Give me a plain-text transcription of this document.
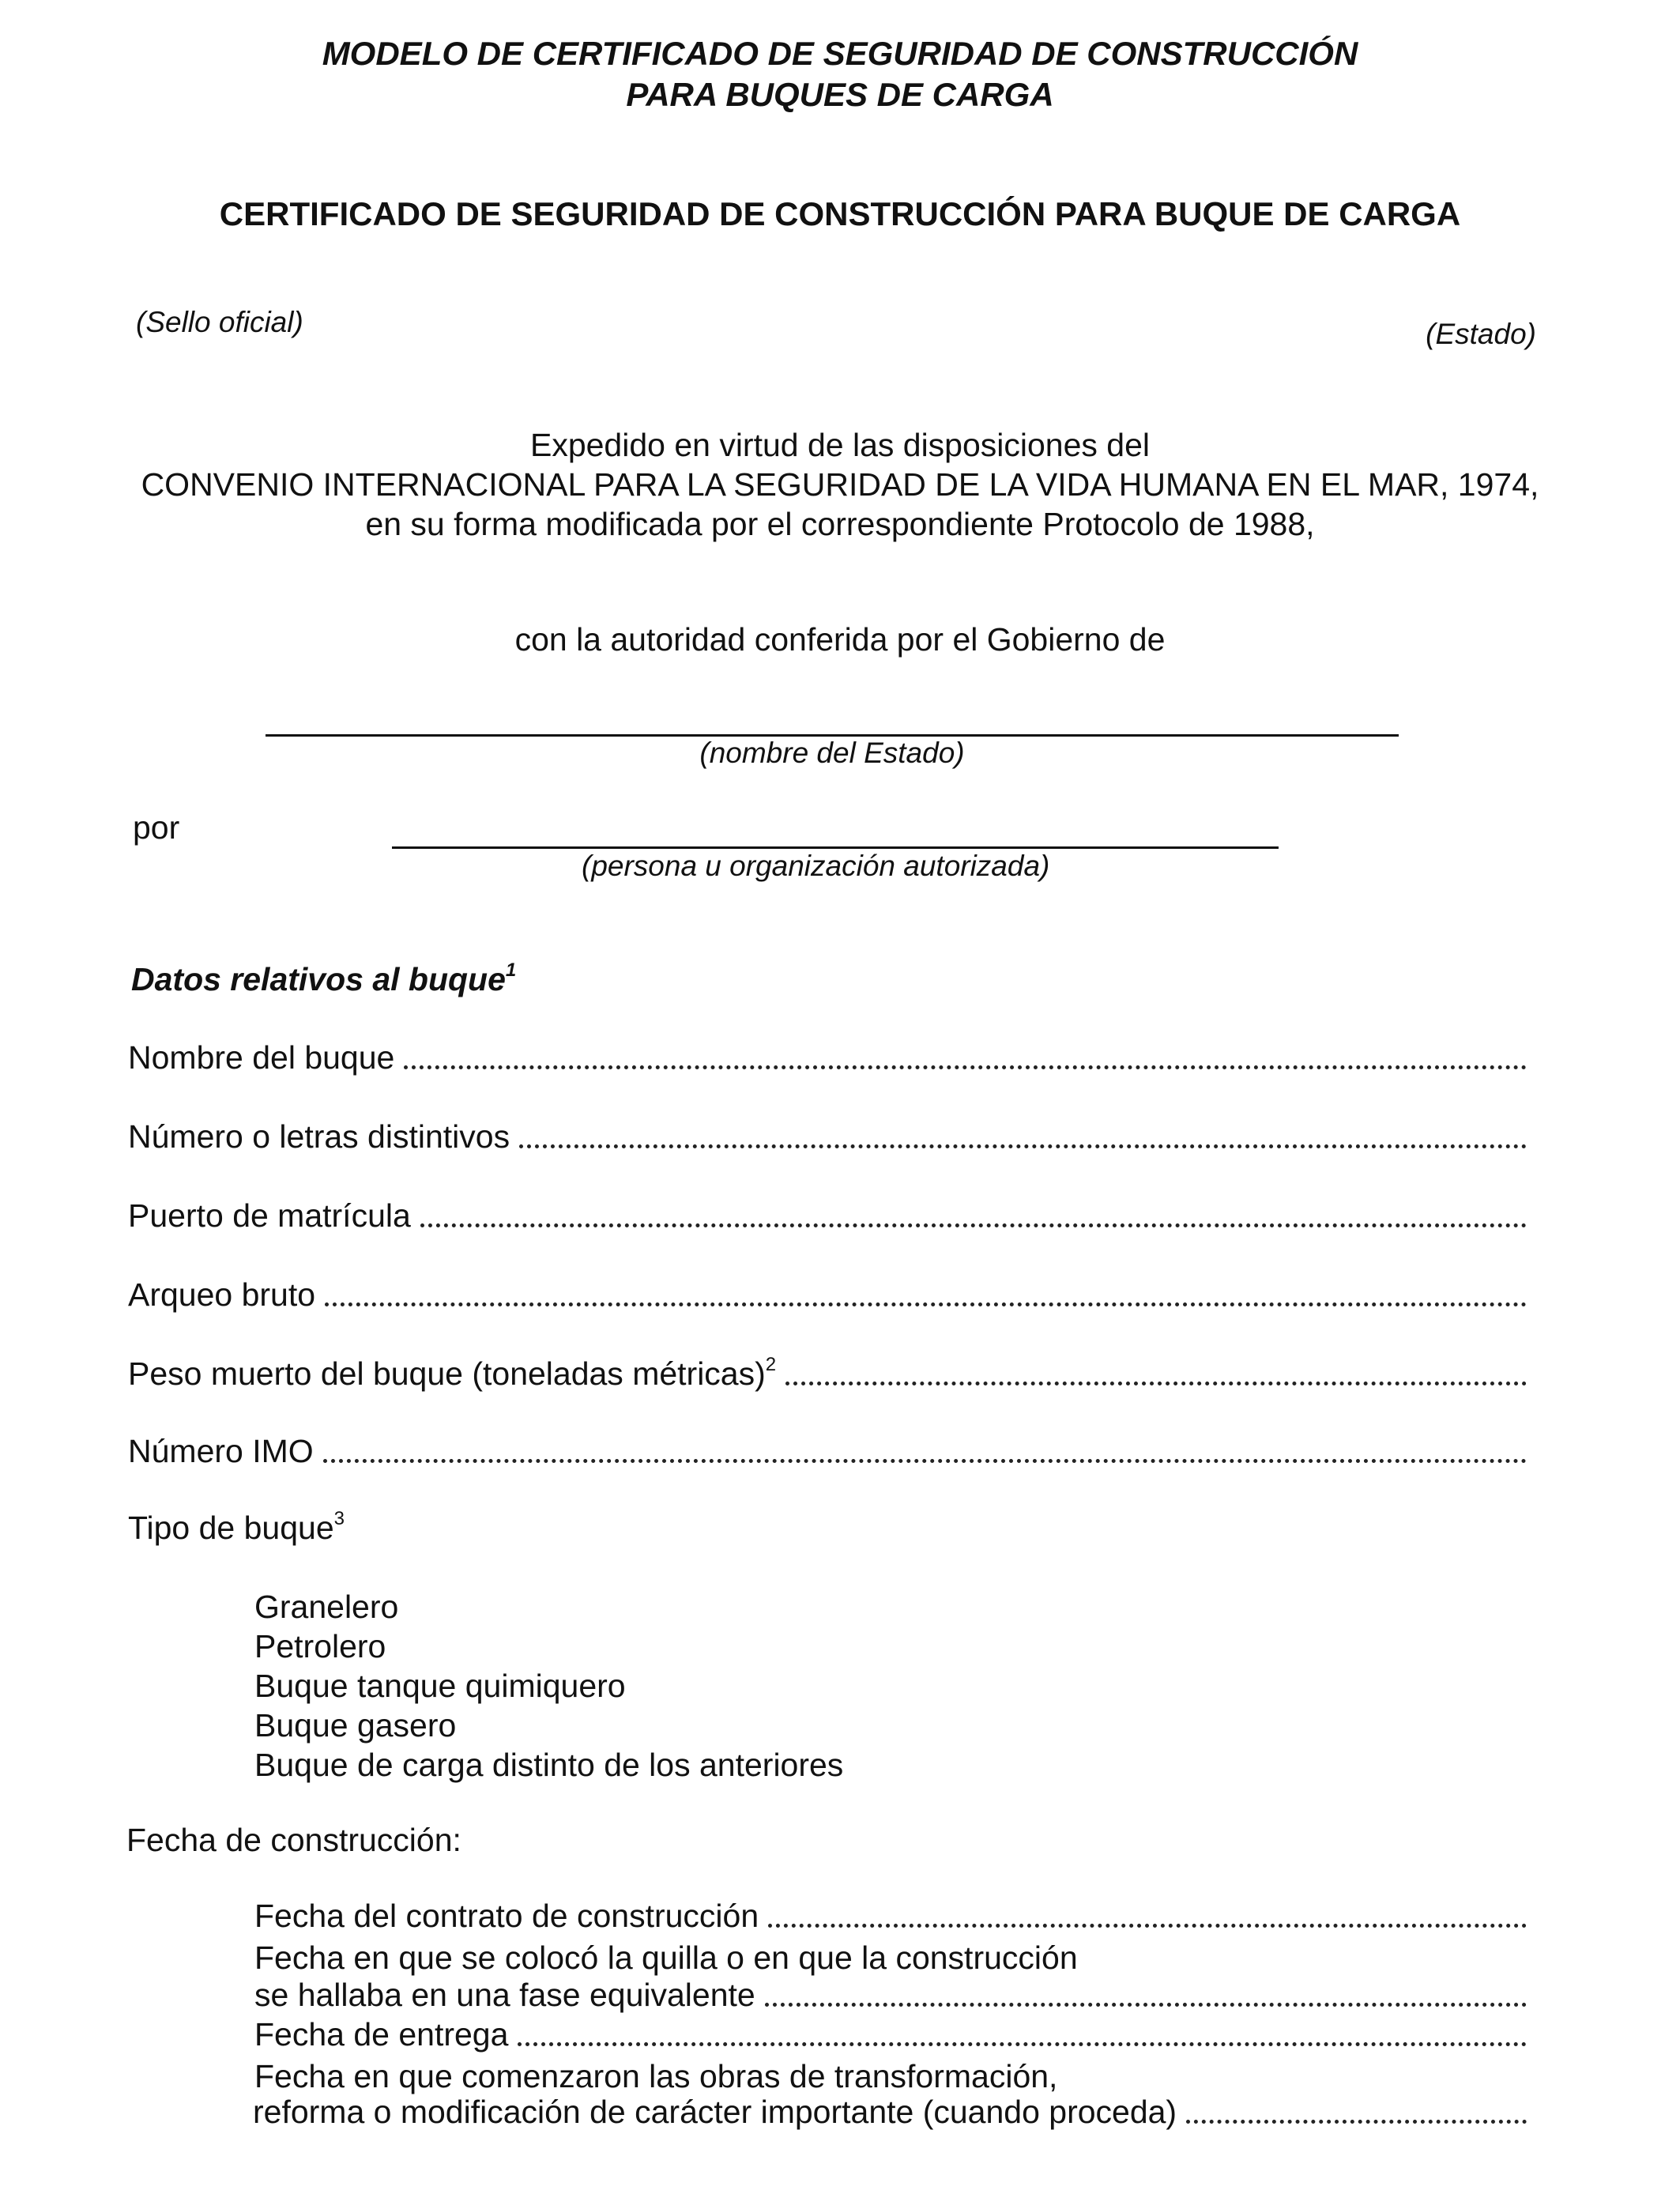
MODELO DE CERTIFICADO DE SEGURIDAD DE CONSTRUCCIÓN
PARA BUQUES DE CARGA
CERTIFICADO DE SEGURIDAD DE CONSTRUCCIÓN PARA BUQUE DE CARGA
(Sello oficial)	(Estado)
Expedido en virtud de las disposiciones del
CONVENIO INTERNACIONAL PARA LA SEGURIDAD DE LA VIDA HUMANA EN EL MAR, 1974,
en su forma modificada por el correspondiente Protocolo de 1988,
con la autoridad conferida por el Gobierno de
(nombre del Estado)
por
(persona u organización autorizada)
Datos relativos al buque$^1$
Nombre del buque
Número o letras distintivos
Puerto de matrícula
Arqueo bruto
Peso muerto del buque (toneladas métricas)$^2$
Número IMO
Tipo de buque$^3$
Granelero
Petrolero
Buque tanque quimiquero
Buque gasero
Buque de carga distinto de los anteriores
Fecha de construcción:
Fecha del contrato de construcción
Fecha en que se colocó la quilla o en que la construcción
se hallaba en una fase equivalente
Fecha de entrega
Fecha en que comenzaron las obras de transformación,
reforma o modificación de carácter importante (cuando proceda)
